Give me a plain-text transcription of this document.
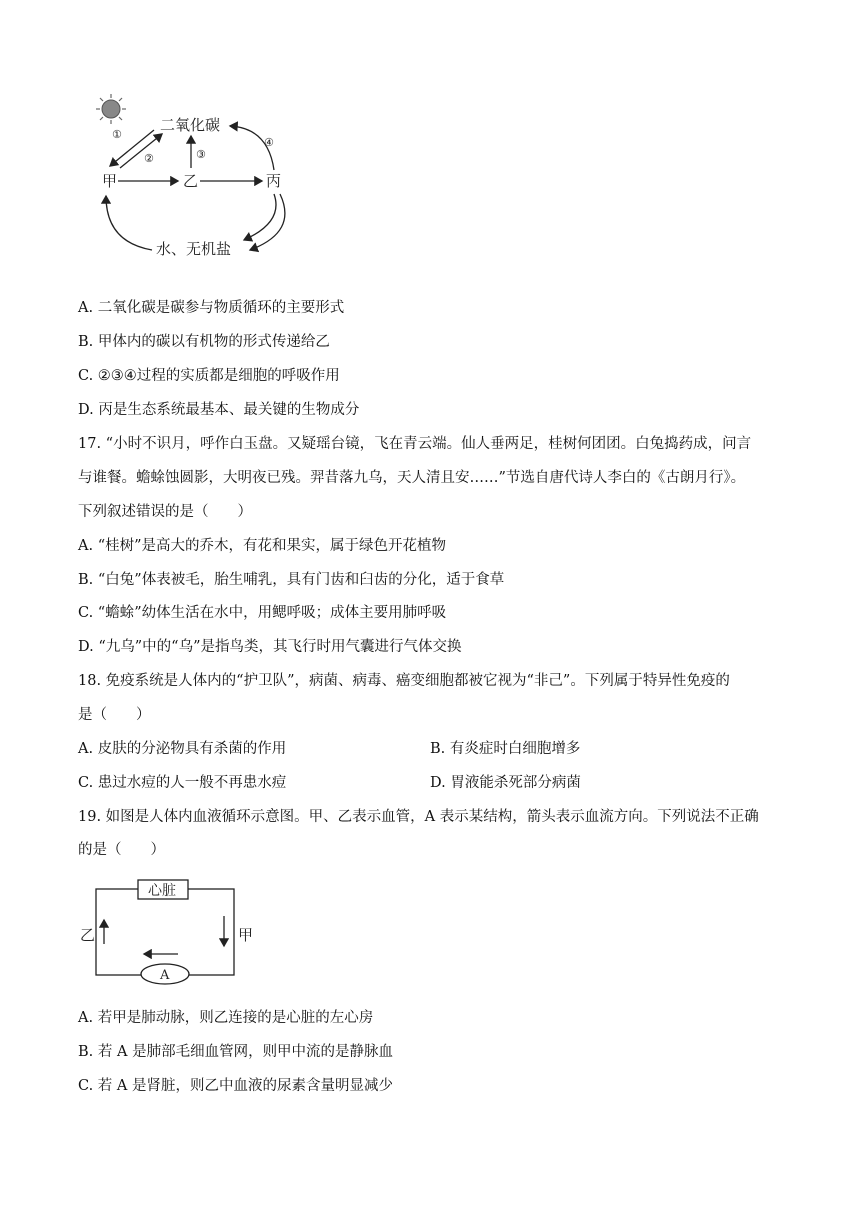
二氧化碳
甲	乙	丙
水、无机盐
①
②	③
④
A. 二氧化碳是碳参与物质循环的主要形式
B. 甲体内的碳以有机物的形式传递给乙
C. ②③④过程的实质都是细胞的呼吸作用
D. 丙是生态系统最基本、最关键的生物成分
17. “小时不识月，呼作白玉盘。又疑瑶台镜，飞在青云端。仙人垂两足，桂树何团团。白兔捣药成，问言
与谁餐。蟾蜍蚀圆影，大明夜已残。羿昔落九乌，天人清且安……”节选自唐代诗人李白的《古朗月行》。
下列叙述错误的是（　　）
A. “桂树”是高大的乔木，有花和果实，属于绿色开花植物
B. “白兔”体表被毛，胎生哺乳，具有门齿和臼齿的分化，适于食草
C. “蟾蜍”幼体生活在水中，用鳃呼吸；成体主要用肺呼吸
D. “九乌”中的“乌”是指鸟类，其飞行时用气囊进行气体交换
18. 免疫系统是人体内的“护卫队”，病菌、病毒、癌变细胞都被它视为“非己”。下列属于特异性免疫的
是（　　）
A. 皮肤的分泌物具有杀菌的作用	B. 有炎症时白细胞增多
C. 患过水痘的人一般不再患水痘	D. 胃液能杀死部分病菌
19. 如图是人体内血液循环示意图。甲、乙表示血管，A 表示某结构，箭头表示血流方向。下列说法不正确
的是（　　）
心脏
A
乙	甲
A. 若甲是肺动脉，则乙连接的是心脏的左心房
B. 若 A 是肺部毛细血管网，则甲中流的是静脉血
C. 若 A 是肾脏，则乙中血液的尿素含量明显减少
